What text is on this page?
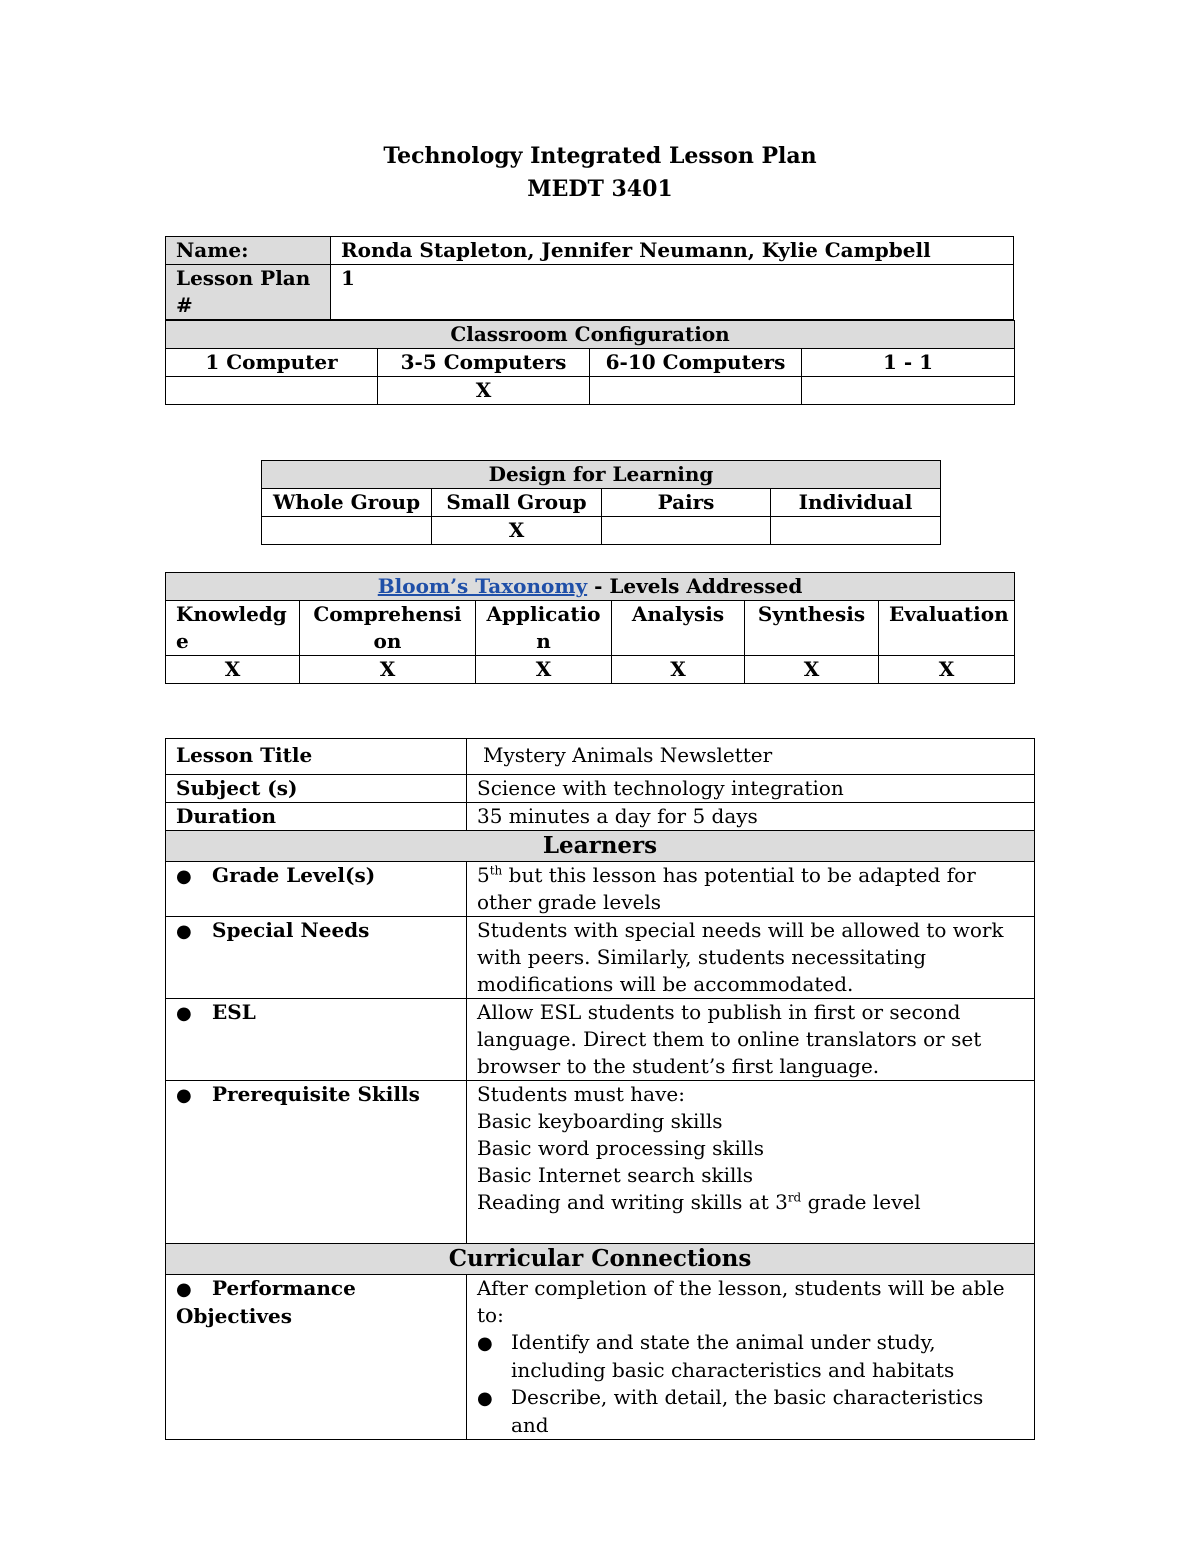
Technology Integrated Lesson Plan
MEDT 3401
Name:	Ronda Stapleton, Jennifer Neumann, Kylie Campbell
Lesson Plan #	1
Classroom Configuration			
1 Computer	3-5 Computers	6-10 Computers	1 - 1
	X		
Design for Learning			
Whole Group	Small Group	Pairs	Individual
	X		
Bloom’s Taxonomy - Levels Addressed					
Knowledge	Comprehension	Application	Analysis	Synthesis	Evaluation
X	X	X	X	X	X
Lesson Title	Mystery Animals Newsletter
Subject (s)	Science with technology integration
Duration	35 minutes a day for 5 days
Learners	
● Grade Level(s)	5th but this lesson has potential to be adapted for other grade levels
● Special Needs	Students with special needs will be allowed to work with peers. Similarly, students necessitating modifications will be accommodated.
● ESL	Allow ESL students to publish in first or second language. Direct them to online translators or set browser to the student’s first language.
● Prerequisite Skills	Students must have:
Basic keyboarding skills
Basic word processing skills
Basic Internet search skills
Reading and writing skills at 3rd grade level

Curricular Connections	
● Performance Objectives	After completion of the lesson, students will be able to:
● Identify and state the animal under study, including basic characteristics and habitats
● Describe, with detail, the basic characteristics and
